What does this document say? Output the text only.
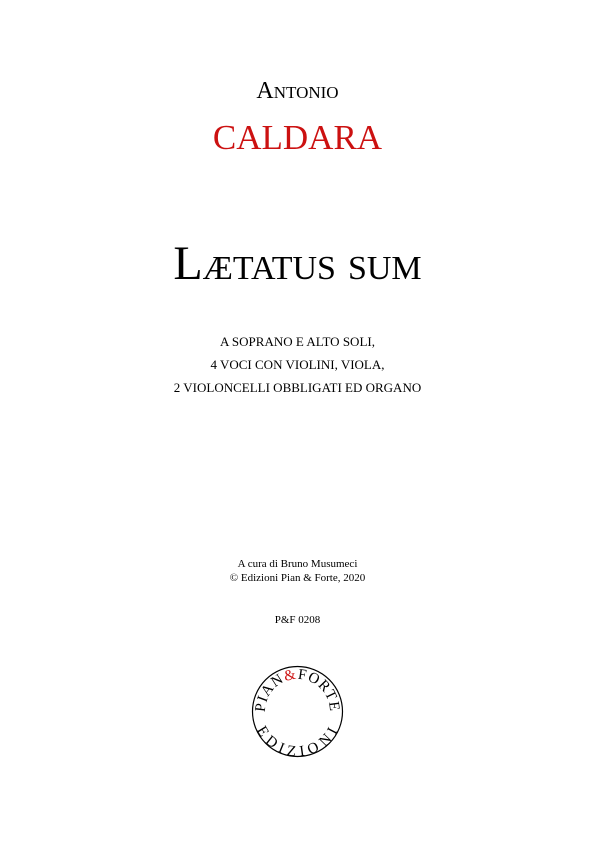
Antonio
CALDARA
Lætatus sum
A SOPRANO E ALTO SOLI,
4 VOCI CON VIOLINI, VIOLA,
2 VIOLONCELLI OBBLIGATI ED ORGANO
A cura di Bruno Musumeci
© Edizioni Pian & Forte, 2020
P&F 0208
PIAN&FORTE
EDIZIONI
